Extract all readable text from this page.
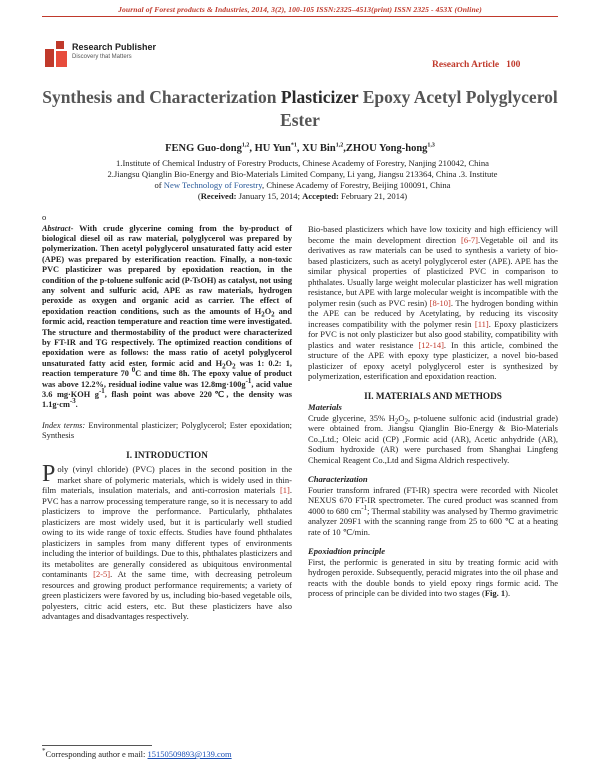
Journal of Forest products & Industries, 2014, 3(2), 100-105 ISSN:2325–4513(print) ISSN 2325 - 453X (Online)
Research Publisher
Discovery that Matters
Research Article 100
Synthesis and Characterization Plasticizer Epoxy Acetyl Polyglycerol Ester
FENG Guo-dong$^{1,2}$, HU Yun$^{*1}$, XU Bin$^{1,2}$,ZHOU Yong-hong$^{1,3}$
1.Institute of Chemical Industry of Forestry Products, Chinese Academy of Forestry, Nanjing 210042, China
2.Jiangsu Qianglin Bio-Energy and Bio-Materials Limited Company, Li yang, Jiangsu 213364, China .3. Institute
of New Technology of Forestry, Chinese Academy of Forestry, Beijing 100091, China
(Received: January 15, 2014; Accepted: February 21, 2014)

o

Abstract- With crude glycerine coming from the by-product of biological diesel oil as raw material, polyglycerol was prepared by polymerization. Then acetyl polyglycerol unsaturated fatty acid ester (APE) was prepared by esterification reaction. Finally, a non-toxic PVC plasticizer was prepared by epoxidation reaction, in the condition of the p-toluene sulfonic acid (P-TsOH) as catalyst, not using any solvent and sulfuric acid, APE as raw materials, hydrogen peroxide as oxygen and organic acid as carrier. The effect of epoxidation reaction conditions, such as the amounts of $H_2O_2$ and formic acid, reaction temperature and reaction time were investigated. The structure and thermostability of the product were characterized by FT-IR and TG respectively. The optimized reaction conditions of epoxidation were as follows: the mass ratio of acetyl polyglycerol unsaturated fatty acid ester, formic acid and $H_2O_2$ was 1: 0.2: 1, reaction temperature 70 $^0$C and time 8h. The epoxy value of product was above 12.2%, residual iodine value was $12.8mg\cdot 100g^{-1}$, acid value 3.6 mg·KOH $g^{-1}$, flash point was above 220℃, the density was $1.1g\cdot cm^{-3}$.

Index terms: Environmental plasticizer; Polyglycerol; Ester epoxidation; Synthesis

I. INTRODUCTION

Poly (vinyl chloride) (PVC) places in the second position in the market share of polymeric materials, which is widely used in thin-film materials, insulation materials, and anti-corrosion materials [1]. PVC has a narrow processing temperature range, so it is necessary to add plasticizers to improve the performance. Particularly, phthalates plasticizers are most widely used, but it is particularly well studied owing to its wide range of toxic effects. Studies have found phthalates plasticizers in samples from many different types of environments including the interior of buildings. Due to this, phthalates plasticizers and its metabolites are generally considered as ubiquitous environmental contaminants [2-5]. At the same time, with decreasing petroleum resources and growing product performance requirements; a variety of green plasticizers were favored by us, including bio-based vegetable oils, polyesters, citric acid esters, etc. But these plasticizers have also advantages and disadvantages respectively.

Bio-based plasticizers which have low toxicity and high efficiency will become the main development direction [6-7].Vegetable oil and its derivatives as raw materials can be used to synthesis a variety of bio-based plasticizers, such as acetyl polyglycerol ester (APE). APE has the similar physical properties of plasticized PVC in comparison to phthalates. Usually large weight molecular plasticizer has well migration resistance, but APE with large molecular weight is incompatible with the polymer resin (such as PVC resin) [8-10]. The hydrogen bonding within the APE can be reduced by Acetylating, by reducing its viscosity increases compatibility with the polymer resin [11]. Epoxy plasticizers for PVC is not only plasticizer but also good stability, compatibility with plastics and water resistance [12-14]. In this article, combined the structure of the APE with epoxy type plasticizer, a novel bio-based plasticizer of epoxy acetyl polyglycerol ester is synthesized by polymerization, esterification and epoxidation reaction.

II. MATERIALS AND METHODS

Materials

Crude glycerine, 35% $H_2O_2$, p-toluene sulfonic acid (industrial grade) were obtained from. Jiangsu Qianglin Bio-Energy & Bio-Materials Co.,Ltd.; Oleic acid (CP) ,Formic acid (AR), Acetic anhydride (AR), Sodium hydroxide (AR) were purchased from Shanghai Lingfeng Chemical Reagent Co.,Ltd and Sigma Aldrich respectively.

Characterization

Fourier transform infrared (FT-IR) spectra were recorded with Nicolet NEXUS 670 FT-IR spectrometer. The cured product was scanned from 4000 to 680 $cm^{-1}$; Thermal stability was analysed by Thermo gravimetric analyzer 209F1 with the scanning range from 25 to 600 ℃ at a heating rate of 10 ℃/min.

Epoxiadtion principle

First, the performic is generated in situ by treating formic acid with hydrogen peroxide. Subsequently, peracid migrates into the oil phase and reacts with the double bonds to yield epoxy rings formic acid. The process of principle can be divided into two stages (Fig. 1).

*Corresponding author e mail: 15150509893@139.com
